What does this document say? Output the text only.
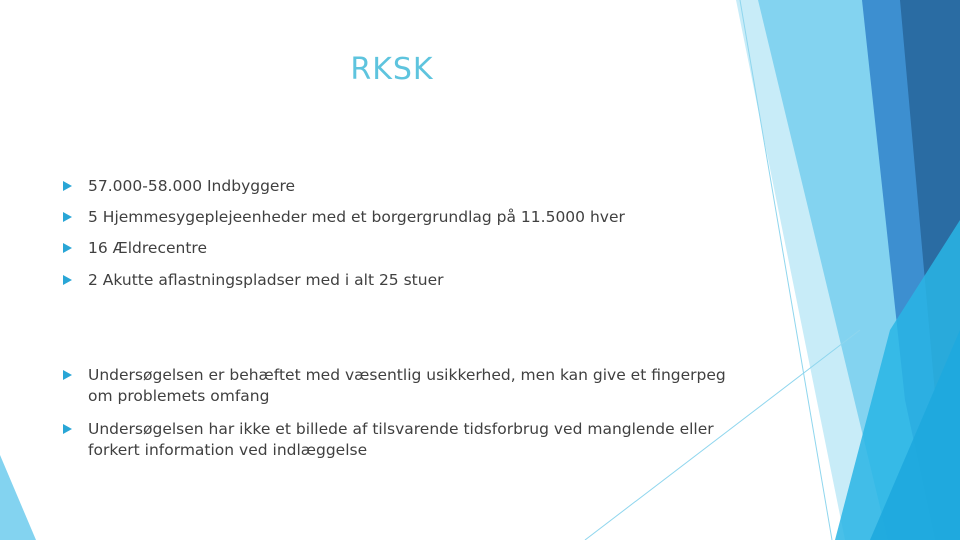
RKSK
57.000-58.000 Indbyggere
5 Hjemmesygeplejeenheder med et borgergrundlag på 11.5000 hver
16 Ældrecentre
2 Akutte aflastningspladser med i alt 25 stuer
Undersøgelsen er behæftet med væsentlig usikkerhed, men kan give et fingerpeg om problemets omfang
Undersøgelsen har ikke et billede af tilsvarende tidsforbrug ved manglende eller forkert information ved indlæggelse
